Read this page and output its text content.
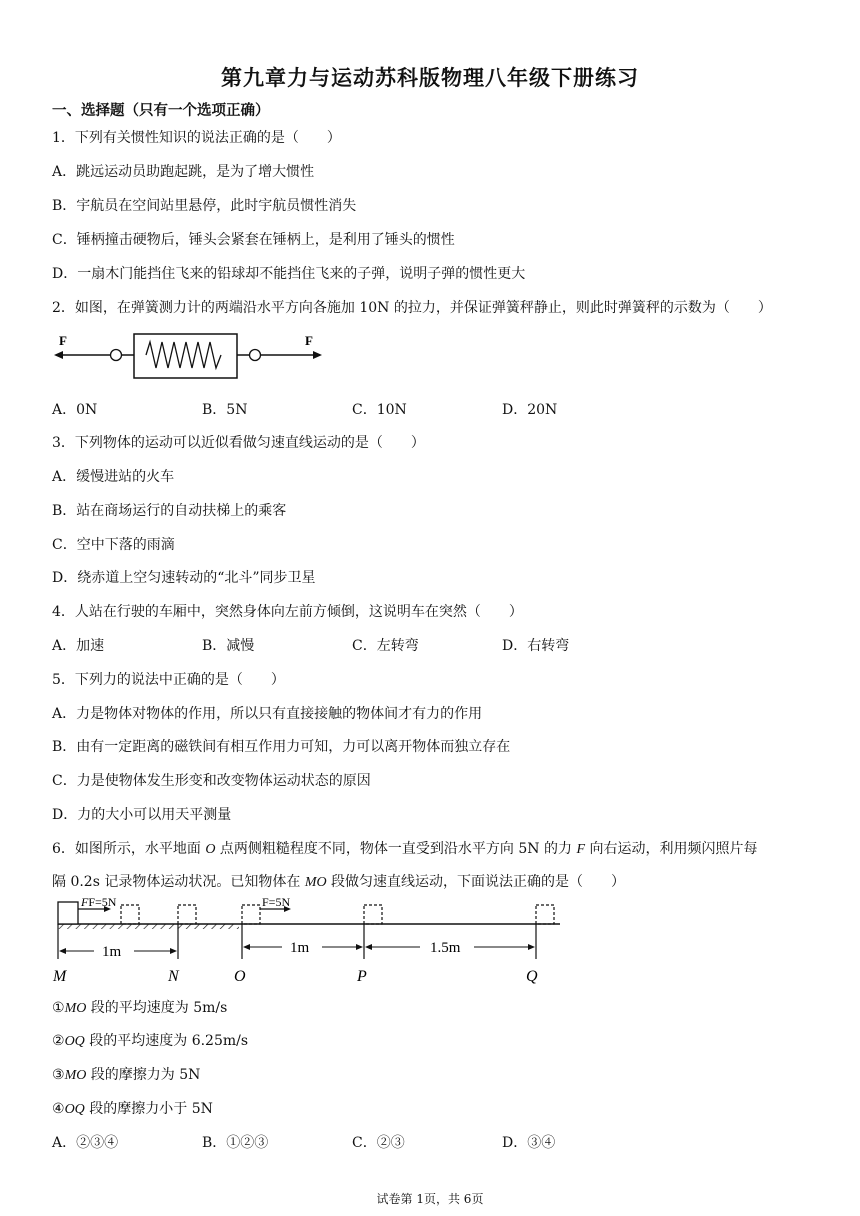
第九章力与运动苏科版物理八年级下册练习
一、选择题（只有一个选项正确）
1．下列有关惯性知识的说法正确的是（　　）
A．跳远运动员助跑起跳，是为了增大惯性
B．宇航员在空间站里悬停，此时宇航员惯性消失
C．锤柄撞击硬物后，锤头会紧套在锤柄上，是利用了锤头的惯性
D．一扇木门能挡住飞来的铅球却不能挡住飞来的子弹，说明子弹的惯性更大
2．如图，在弹簧测力计的两端沿水平方向各施加 10N 的拉力，并保证弹簧秤静止，则此时弹簧秤的示数为（　　）
F	F
A．0N	B．5N	C．10N	D．20N
3．下列物体的运动可以近似看做匀速直线运动的是（　　）
A．缓慢进站的火车
B．站在商场运行的自动扶梯上的乘客
C．空中下落的雨滴
D．绕赤道上空匀速转动的“北斗”同步卫星
4．人站在行驶的车厢中，突然身体向左前方倾倒，这说明车在突然（　　）
A．加速	B．减慢	C．左转弯	D．右转弯
5．下列力的说法中正确的是（　　）
A．力是物体对物体的作用，所以只有直接接触的物体间才有力的作用
B．由有一定距离的磁铁间有相互作用力可知，力可以离开物体而独立存在
C．力是使物体发生形变和改变物体运动状态的原因
D．力的大小可以用天平测量
6．如图所示，水平地面 O 点两侧粗糙程度不同，物体一直受到沿水平方向 5N 的力 F 向右运动，利用频闪照片每
隔 0.2s 记录物体运动状况。已知物体在 MO 段做匀速直线运动，下面说法正确的是（　　）
FF=5N	F=5N
1m	1m	1.5m
M	N	O	P	Q
①MO 段的平均速度为 5m/s
②OQ 段的平均速度为 6.25m/s
③MO 段的摩擦力为 5N
④OQ 段的摩擦力小于 5N
A．②③④	B．①②③	C．②③	D．③④
试卷第 1页，共 6页
